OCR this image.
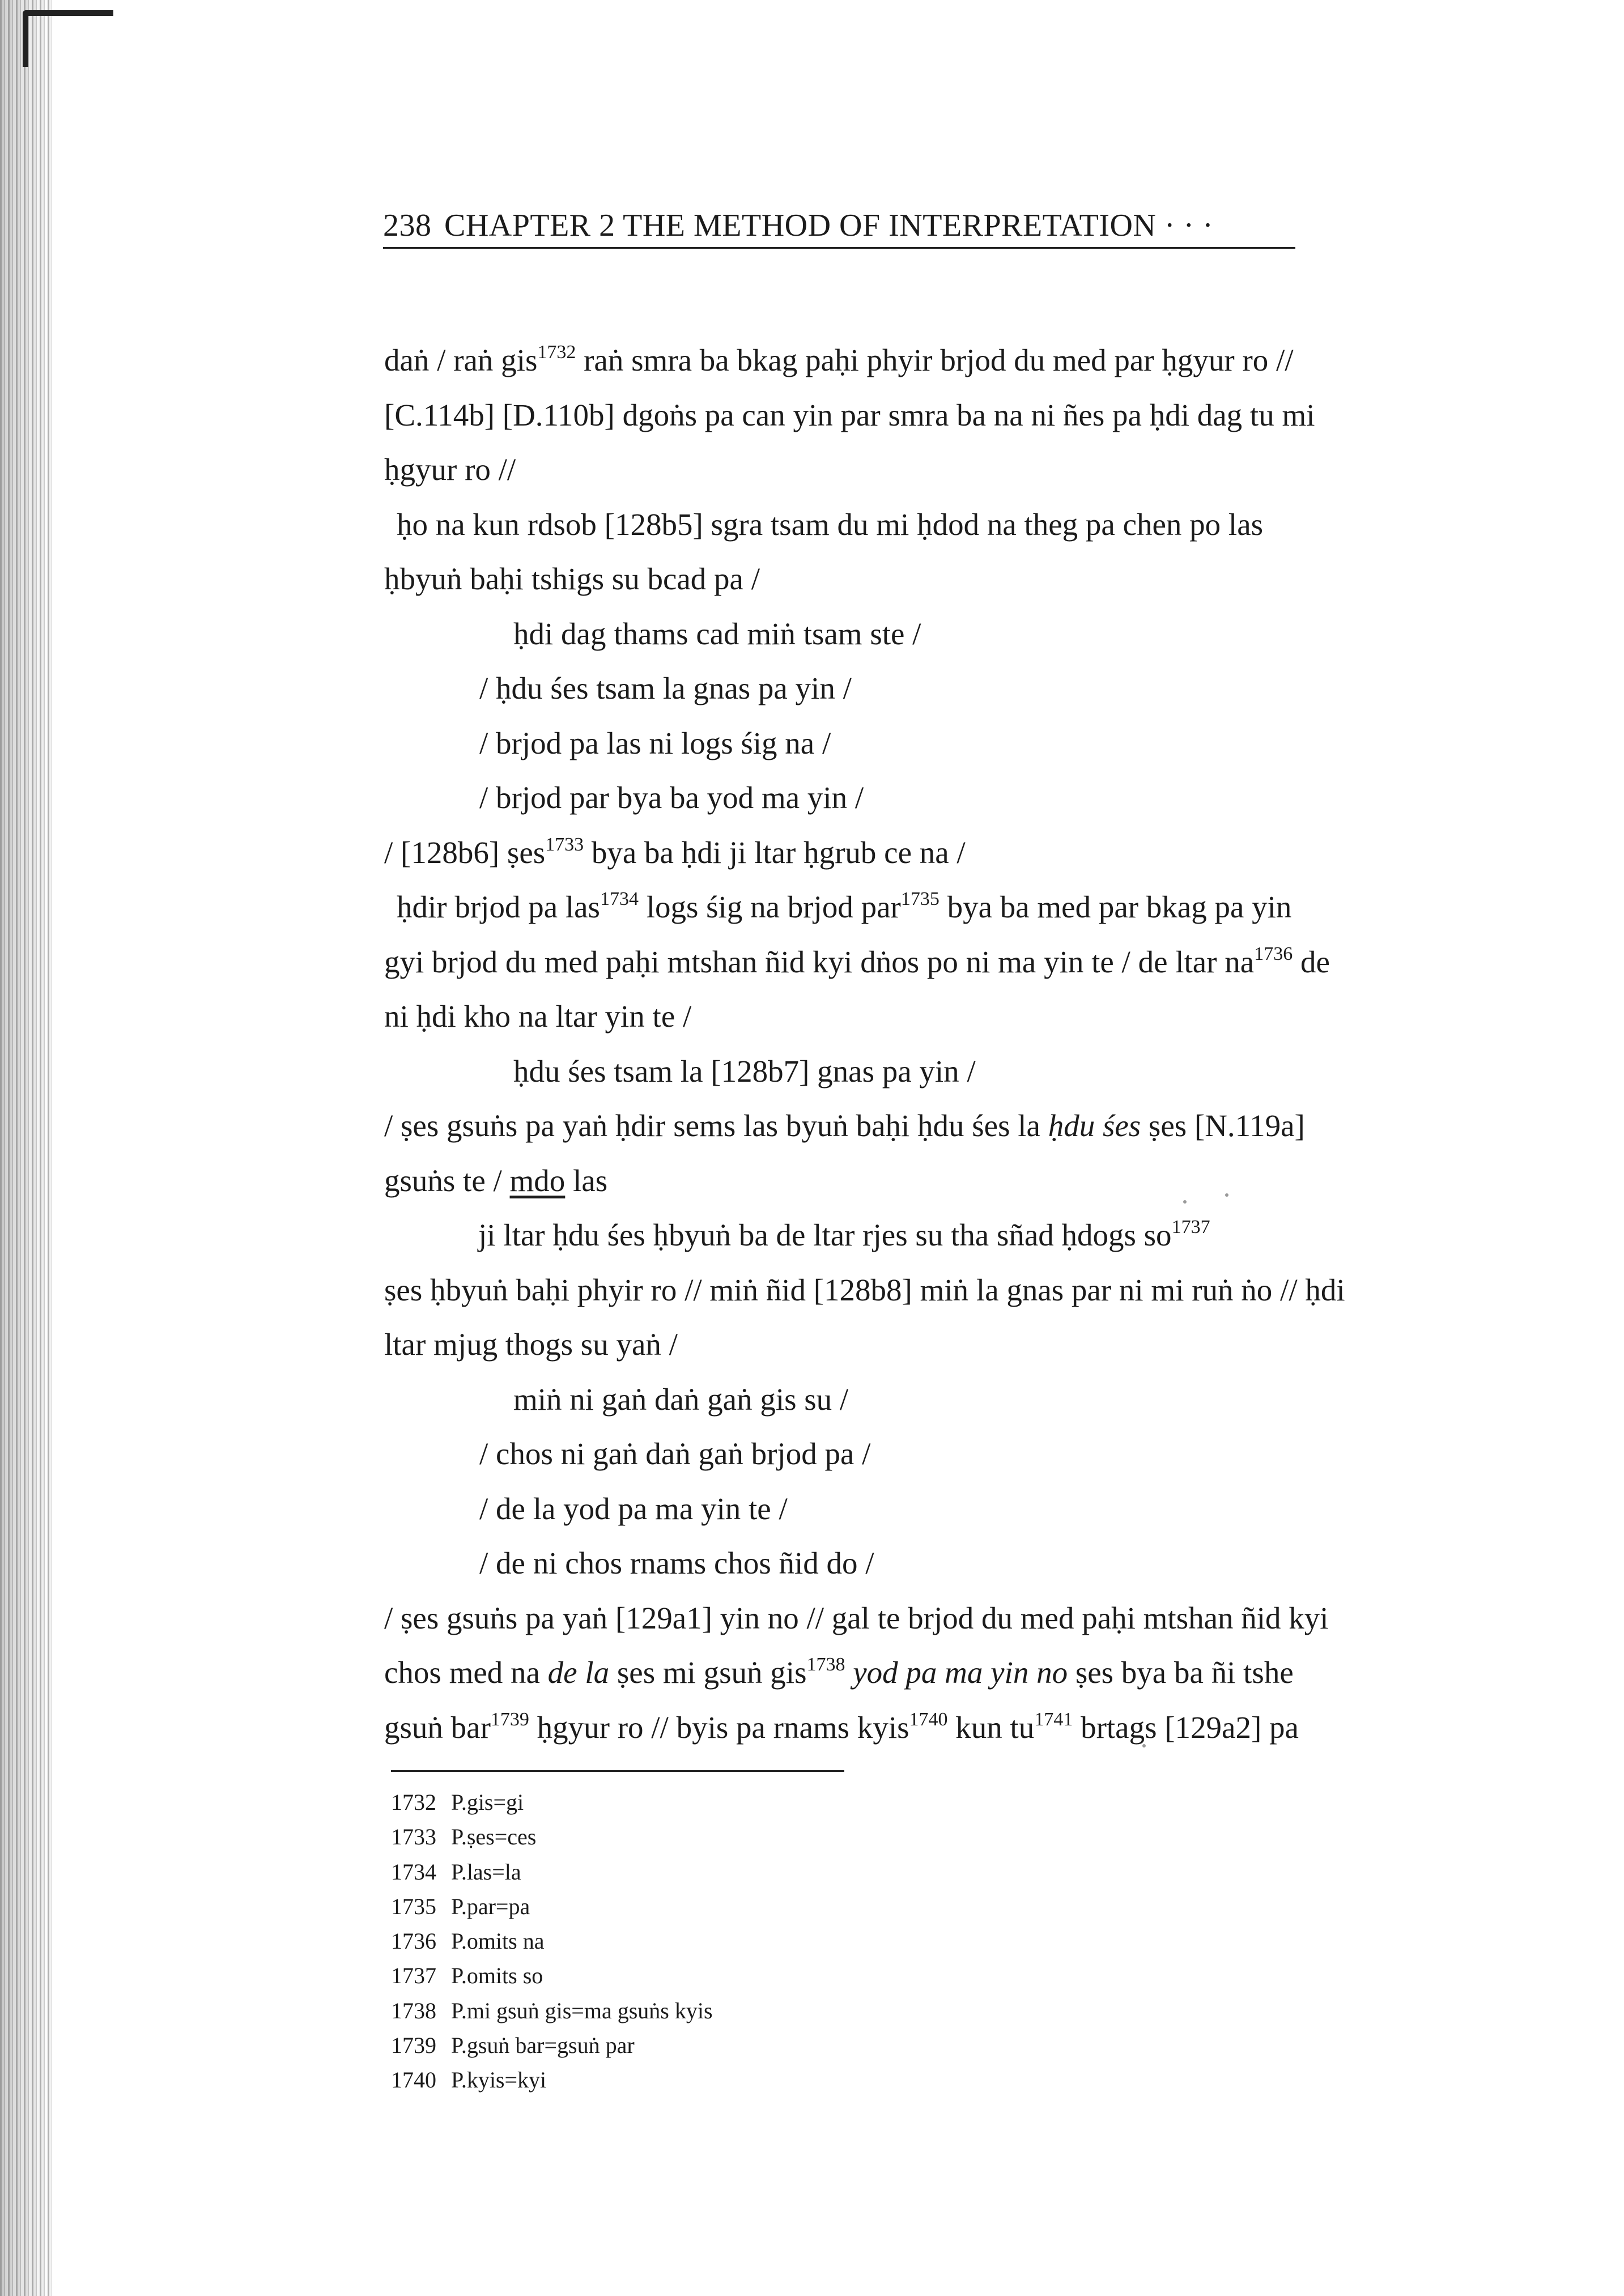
238 CHAPTER 2 THE METHOD OF INTERPRETATION · · ·
daṅ / raṅ gis$^{1732}$ raṅ smra ba bkag paḥi phyir brjod du med par ḥgyur ro //
[C.114b] [D.110b] dgoṅs pa can yin par smra ba na ni ñes pa ḥdi dag tu mi
ḥgyur ro //
ḥo na kun rdsob [128b5] sgra tsam du mi ḥdod na theg pa chen po las
ḥbyuṅ baḥi tshigs su bcad pa /
ḥdi dag thams cad miṅ tsam ste /
/ ḥdu śes tsam la gnas pa yin /
/ brjod pa las ni logs śig na /
/ brjod par bya ba yod ma yin /
/ [128b6] ṣes$^{1733}$ bya ba ḥdi ji ltar ḥgrub ce na /
ḥdir brjod pa las$^{1734}$ logs śig na brjod par$^{1735}$ bya ba med par bkag pa yin
gyi brjod du med paḥi mtshan ñid kyi dṅos po ni ma yin te / de ltar $na^{1736}$ de
ni ḥdi kho na ltar yin te /
ḥdu śes tsam la [128b7] gnas pa yin /
/ ṣes gsuṅs pa yaṅ ḥdir sems las byuṅ baḥi ḥdu śes la ḥdu śes ṣes [N.119a]
gsuṅs te / mdo las
ji ltar ḥdu śes ḥbyuṅ ba de ltar rjes su tha sñad ḥdogs $so^{1737}$
ṣes ḥbyuṅ baḥi phyir ro // miṅ ñid [128b8] miṅ la gnas par ni mi ruṅ ṅo // ḥdi
ltar mjug thogs su yaṅ /
miṅ ni gaṅ daṅ gaṅ gis su /
/ chos ni gaṅ daṅ gaṅ brjod pa /
/ de la yod pa ma yin te /
/ de ni chos rnams chos ñid do /
/ ṣes gsuṅs pa yaṅ [129a1] yin no // gal te brjod du med paḥi mtshan ñid kyi
chos med na de la ṣes mi gsuṅ gis$^{1738}$ yod pa ma yin no ṣes bya ba ñi tshe
gsuṅ bar$^{1739}$ ḥgyur ro // byis pa rnams kyis$^{1740}$ kun $tu^{1741}$ brtags [129a2] pa
1732 P.gis=gi
1733 P.ṣes=ces
1734 P.las=la
1735 P.par=pa
1736 P.omits na
1737 P.omits so
1738 P.mi gsuṅ gis=ma gsuṅs kyis
1739 P.gsuṅ bar=gsuṅ par
1740 P.kyis=kyi
